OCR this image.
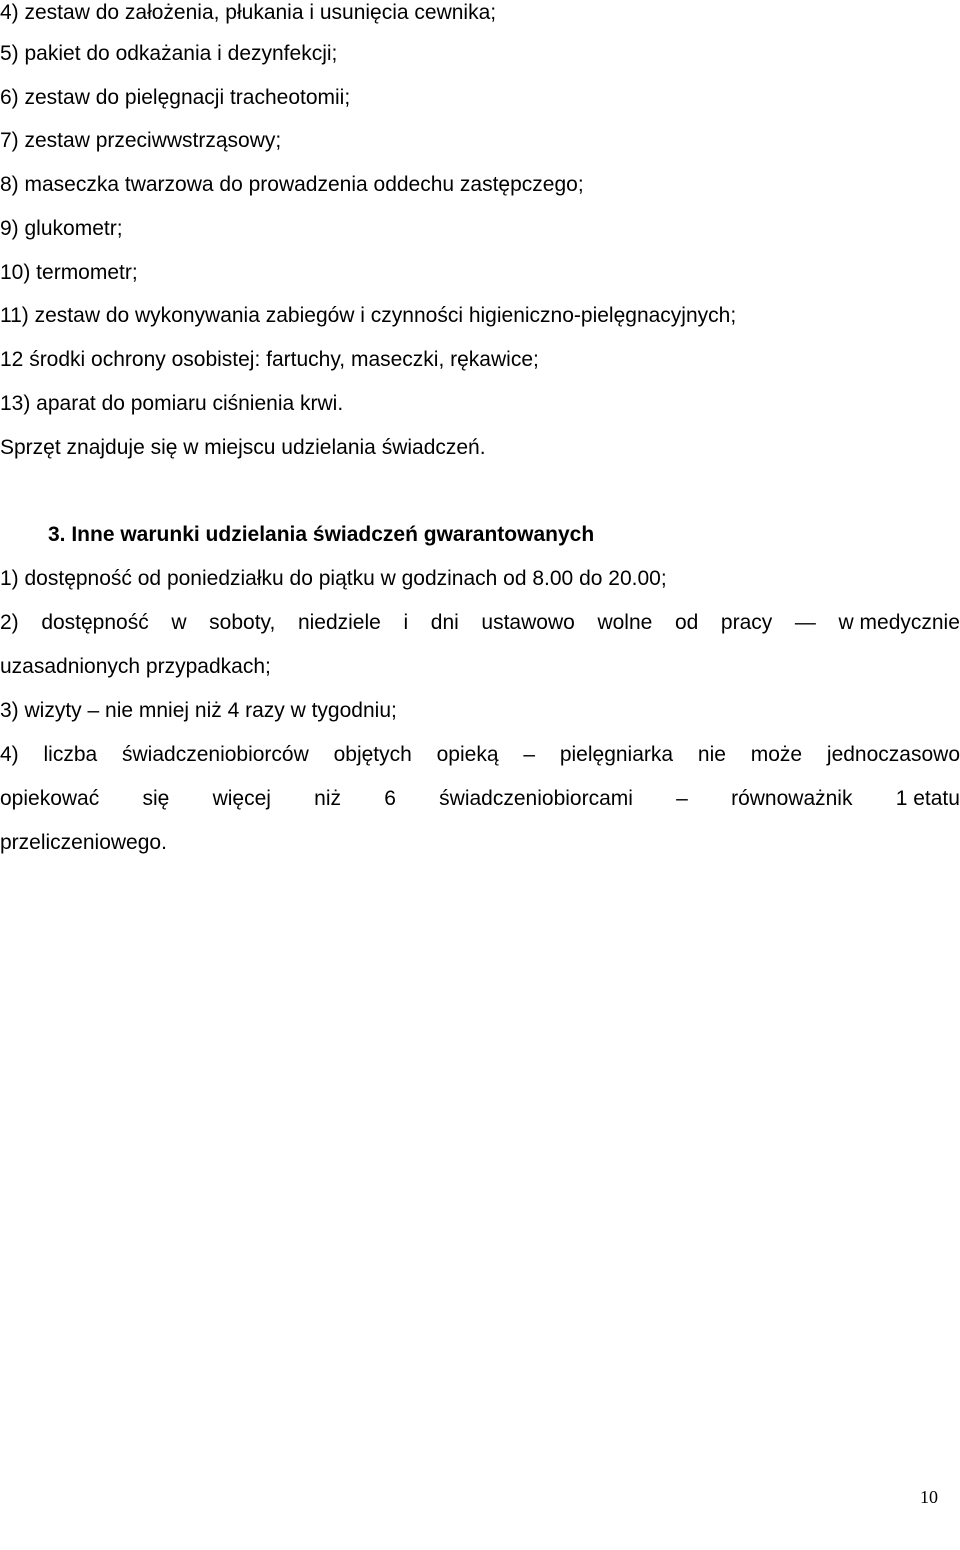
4) zestaw do założenia, płukania i usunięcia cewnika;

5) pakiet do odkażania i dezynfekcji;

6) zestaw do pielęgnacji tracheotomii;

7) zestaw przeciwwstrząsowy;

8) maseczka twarzowa do prowadzenia oddechu zastępczego;

9) glukometr;

10) termometr;

11) zestaw do wykonywania zabiegów i czynności higieniczno-pielęgnacyjnych;

12 środki ochrony osobistej: fartuchy, maseczki, rękawice;

13) aparat do pomiaru ciśnienia krwi.

Sprzęt znajduje się w miejscu udzielania świadczeń.

3. Inne warunki udzielania świadczeń gwarantowanych

1) dostępność od poniedziałku do piątku w godzinach od 8.00 do 20.00;

2) dostępność w soboty, niedziele i dni ustawowo wolne od pracy — w medycznie

uzasadnionych przypadkach;

3) wizyty – nie mniej niż 4 razy w tygodniu;

4) liczba świadczeniobiorców objętych opieką – pielęgniarka nie może jednoczasowo

opiekować się więcej niż 6 świadczeniobiorcami – równoważnik 1 etatu

przeliczeniowego.

10
